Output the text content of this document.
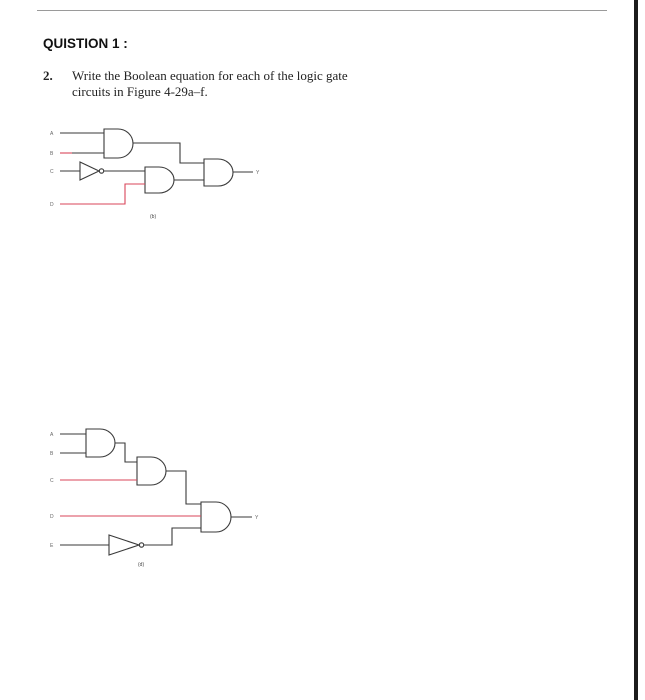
QUISTION 1 :
2. Write the Boolean equation for each of the logic gate
circuits in Figure 4-29a–f.
A
B
C
D
Y
(b)
A
B
C
D
E
Y
(d)
